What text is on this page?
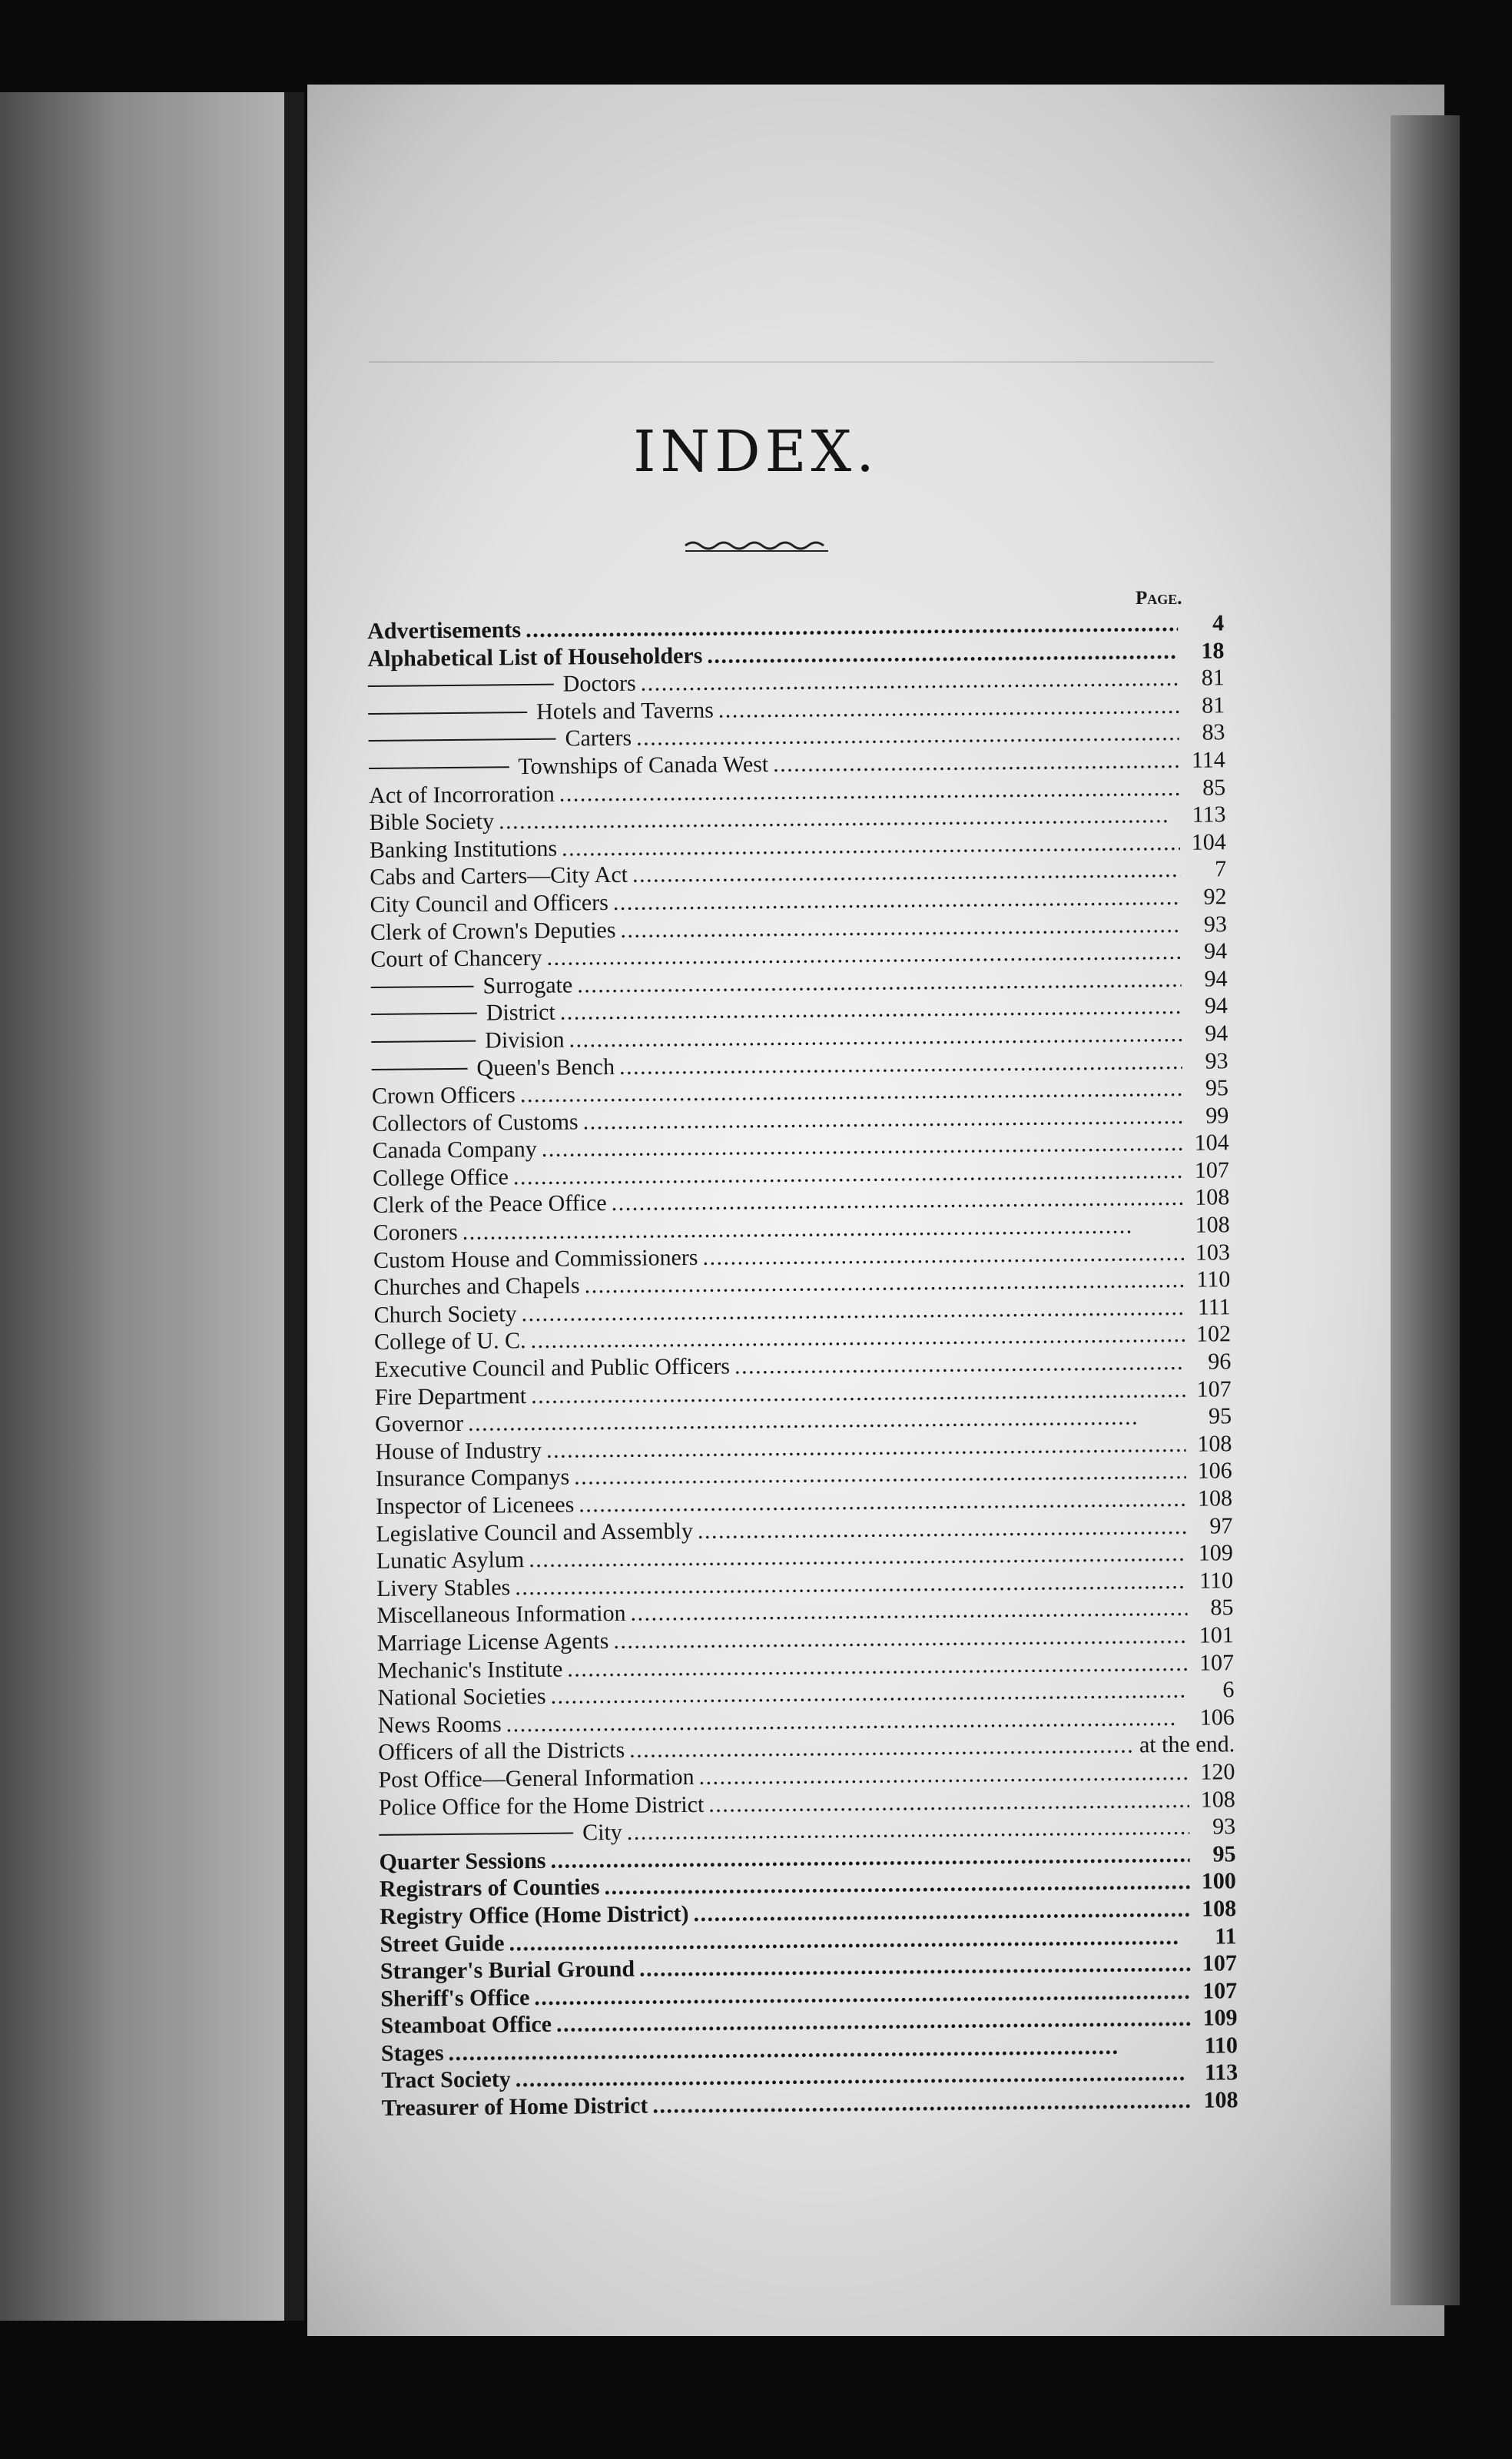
INDEX.
Page.
Advertisements . . .	4
Alphabetical List of Householders . . .	18
Doctors . . .	81
Hotels and Taverns . . .	81
Carters . . .	83
Townships of Canada West . . .	114
Act of Incorroration . . .	85
Bible Society . . .	113
Banking Institutions . . .	104
Cabs and Carters—City Act . . .	7
City Council and Officers . . .	92
Clerk of Crown's Deputies . . .	93
Court of Chancery . . .	94
Surrogate . . .	94
District . . .	94
Division . . .	94
Queen's Bench . . .	93
Crown Officers . . .	95
Collectors of Customs . . .	99
Canada Company . . .	104
College Office . . .	107
Clerk of the Peace Office . . .	108
Coroners . . .	108
Custom House and Commissioners . . .	103
Churches and Chapels . . .	110
Church Society . . .	111
College of U. C. . . .	102
Executive Council and Public Officers . . .	96
Fire Department . . .	107
Governor . . .	95
House of Industry . . .	108
Insurance Companys . . .	106
Inspector of Licenees . . .	108
Legislative Council and Assembly . . .	97
Lunatic Asylum . . .	109
Livery Stables . . .	110
Miscellaneous Information . . .	85
Marriage License Agents . . .	101
Mechanic's Institute . . .	107
National Societies . . .	6
News Rooms . . .	106
Officers of all the Districts . . .	at the end.
Post Office—General Information . . .	120
Police Office for the Home District . . .	108
City . . .	93
Quarter Sessions . . .	95
Registrars of Counties . . .	100
Registry Office (Home District) . . .	108
Street Guide . . .	11
Stranger's Burial Ground . . .	107
Sheriff's Office . . .	107
Steamboat Office . . .	109
Stages . . .	110
Tract Society . . .	113
Treasurer of Home District . . .	108
